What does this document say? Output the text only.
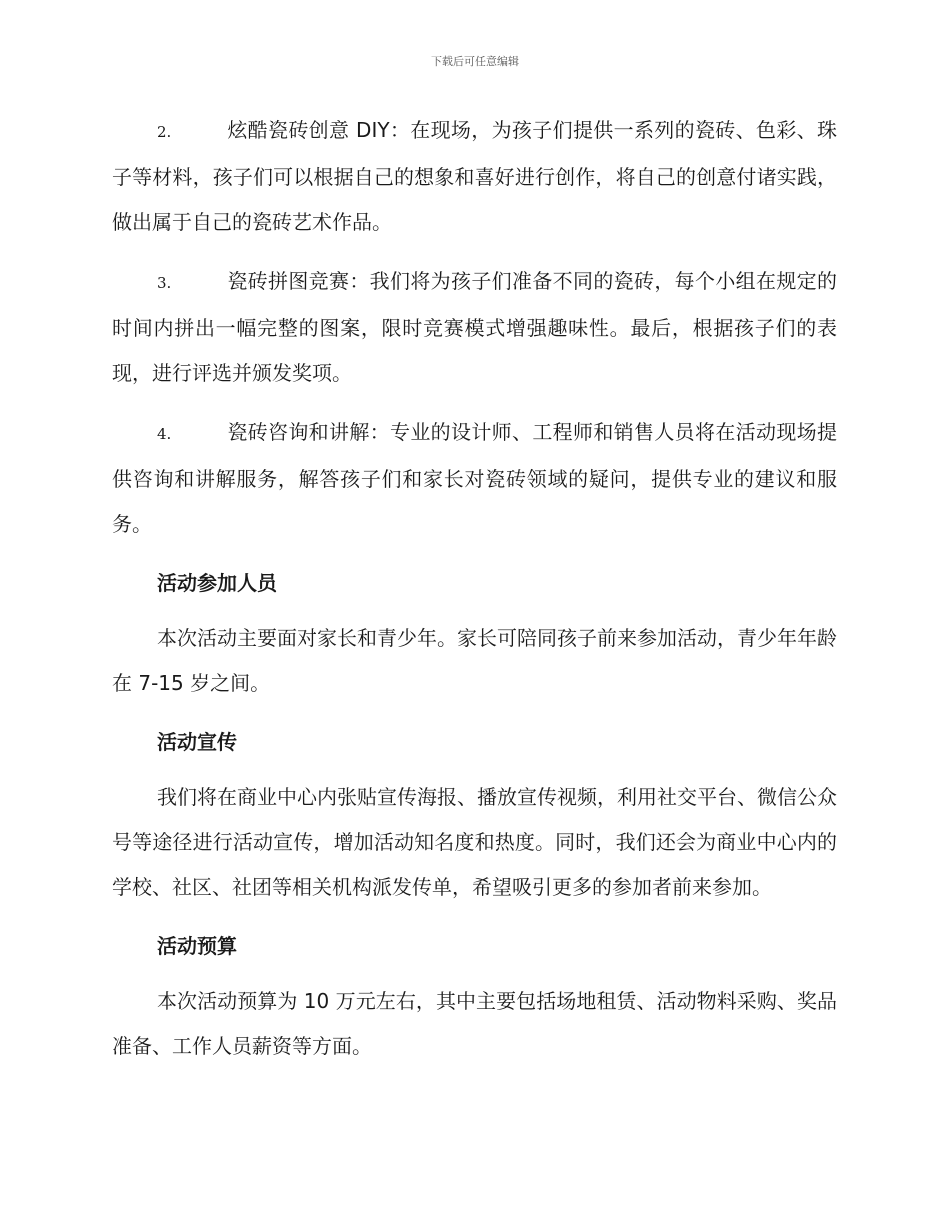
下载后可任意编辑

2.	炫酷瓷砖创意 DIY：在现场，为孩子们提供一系列的瓷砖、色彩、珠子等材料，孩子们可以根据自己的想象和喜好进行创作，将自己的创意付诸实践，做出属于自己的瓷砖艺术作品。

3.	瓷砖拼图竞赛：我们将为孩子们准备不同的瓷砖，每个小组在规定的时间内拼出一幅完整的图案，限时竞赛模式增强趣味性。最后，根据孩子们的表现，进行评选并颁发奖项。

4.	瓷砖咨询和讲解：专业的设计师、工程师和销售人员将在活动现场提供咨询和讲解服务，解答孩子们和家长对瓷砖领域的疑问，提供专业的建议和服务。

活动参加人员

本次活动主要面对家长和青少年。家长可陪同孩子前来参加活动，青少年年龄在 7-15 岁之间。

活动宣传

我们将在商业中心内张贴宣传海报、播放宣传视频，利用社交平台、微信公众号等途径进行活动宣传，增加活动知名度和热度。同时，我们还会为商业中心内的学校、社区、社团等相关机构派发传单，希望吸引更多的参加者前来参加。

活动预算

本次活动预算为 10 万元左右，其中主要包括场地租赁、活动物料采购、奖品准备、工作人员薪资等方面。
